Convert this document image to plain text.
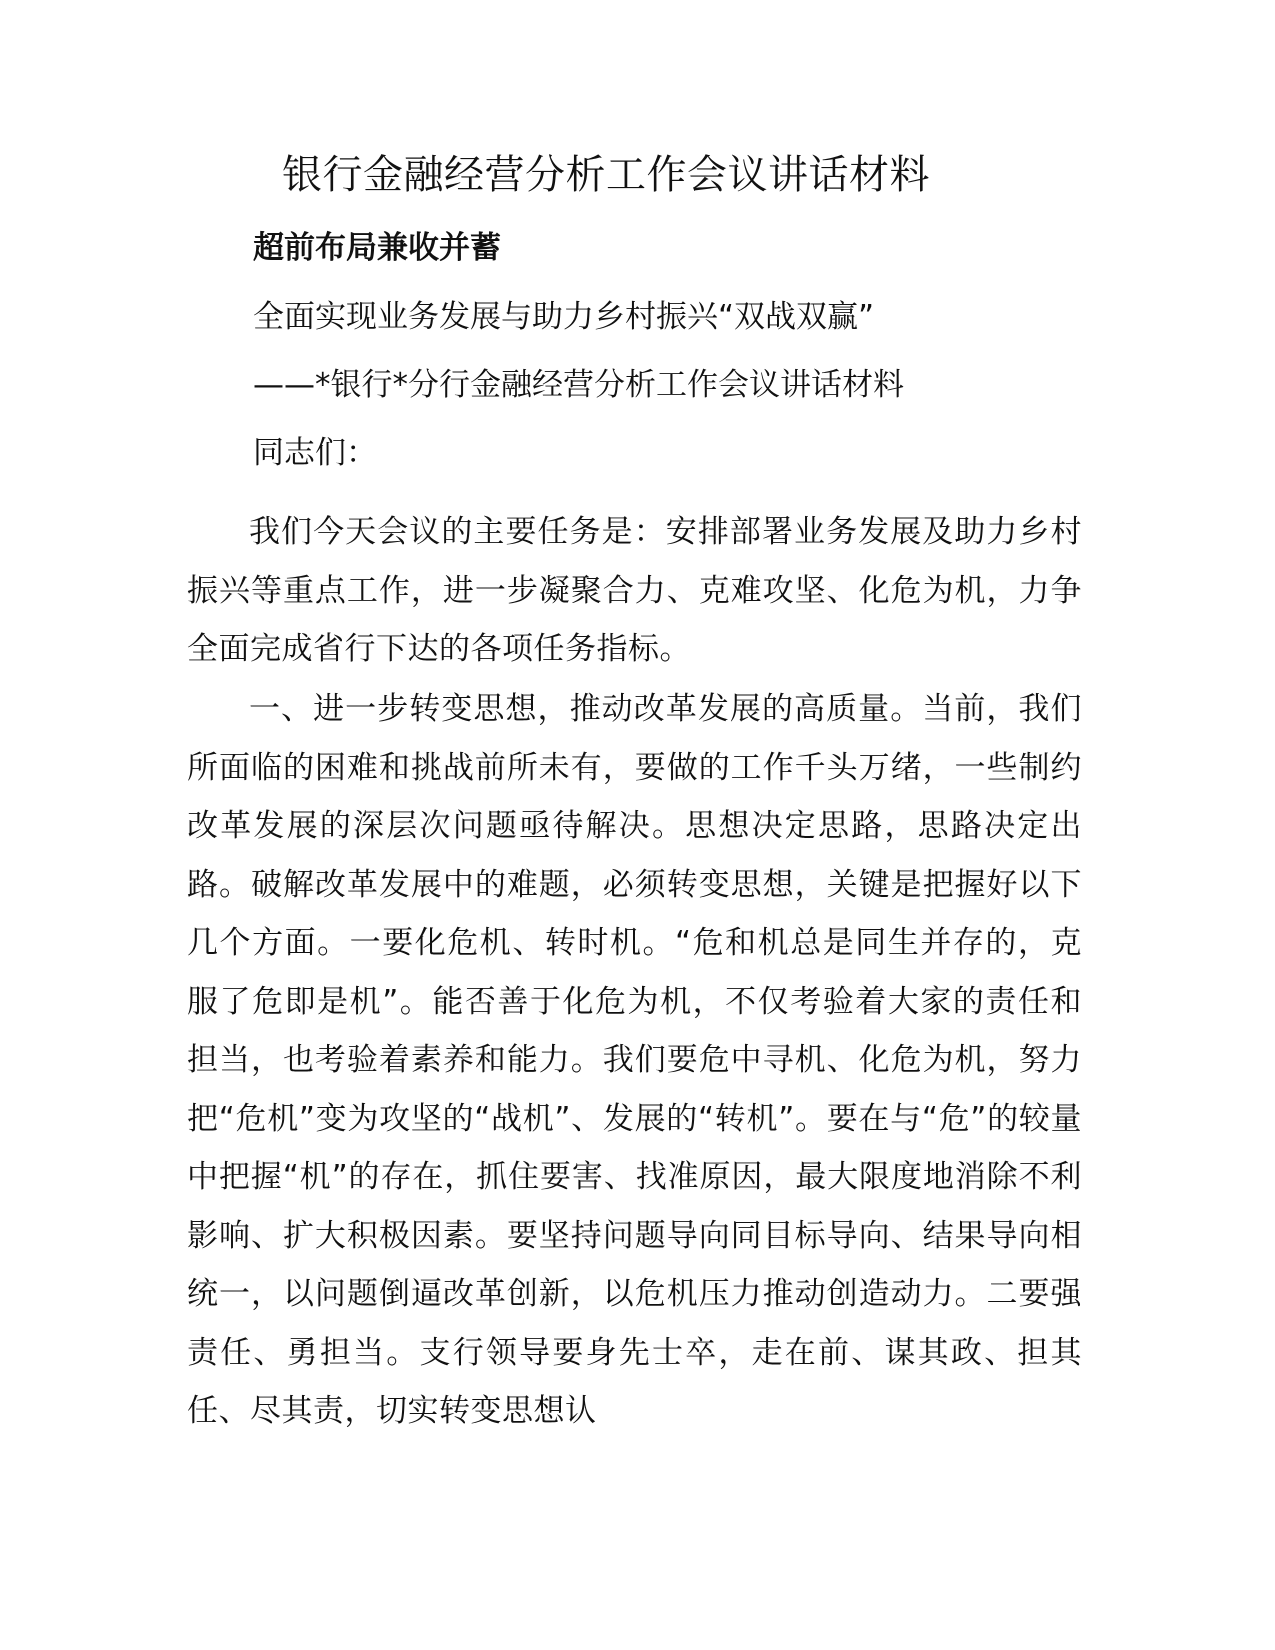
银行金融经营分析工作会议讲话材料
超前布局兼收并蓄
全面实现业务发展与助力乡村振兴“双战双赢”
——*银行*分行金融经营分析工作会议讲话材料
同志们：

我们今天会议的主要任务是：安排部署业务发展及助力乡村振兴等重点工作，进一步凝聚合力、克难攻坚、化危为机，力争全面完成省行下达的各项任务指标。

一、进一步转变思想，推动改革发展的高质量。当前，我们所面临的困难和挑战前所未有，要做的工作千头万绪，一些制约改革发展的深层次问题亟待解决。思想决定思路，思路决定出路。破解改革发展中的难题，必须转变思想，关键是把握好以下几个方面。一要化危机、转时机。“危和机总是同生并存的，克服了危即是机”。能否善于化危为机，不仅考验着大家的责任和担当，也考验着素养和能力。我们要危中寻机、化危为机，努力把“危机”变为攻坚的“战机”、发展的“转机”。要在与“危”的较量中把握“机”的存在，抓住要害、找准原因，最大限度地消除不利影响、扩大积极因素。要坚持问题导向同目标导向、结果导向相统一，以问题倒逼改革创新，以危机压力推动创造动力。二要强责任、勇担当。支行领导要身先士卒，走在前、谋其政、担其任、尽其责，切实转变思想认
